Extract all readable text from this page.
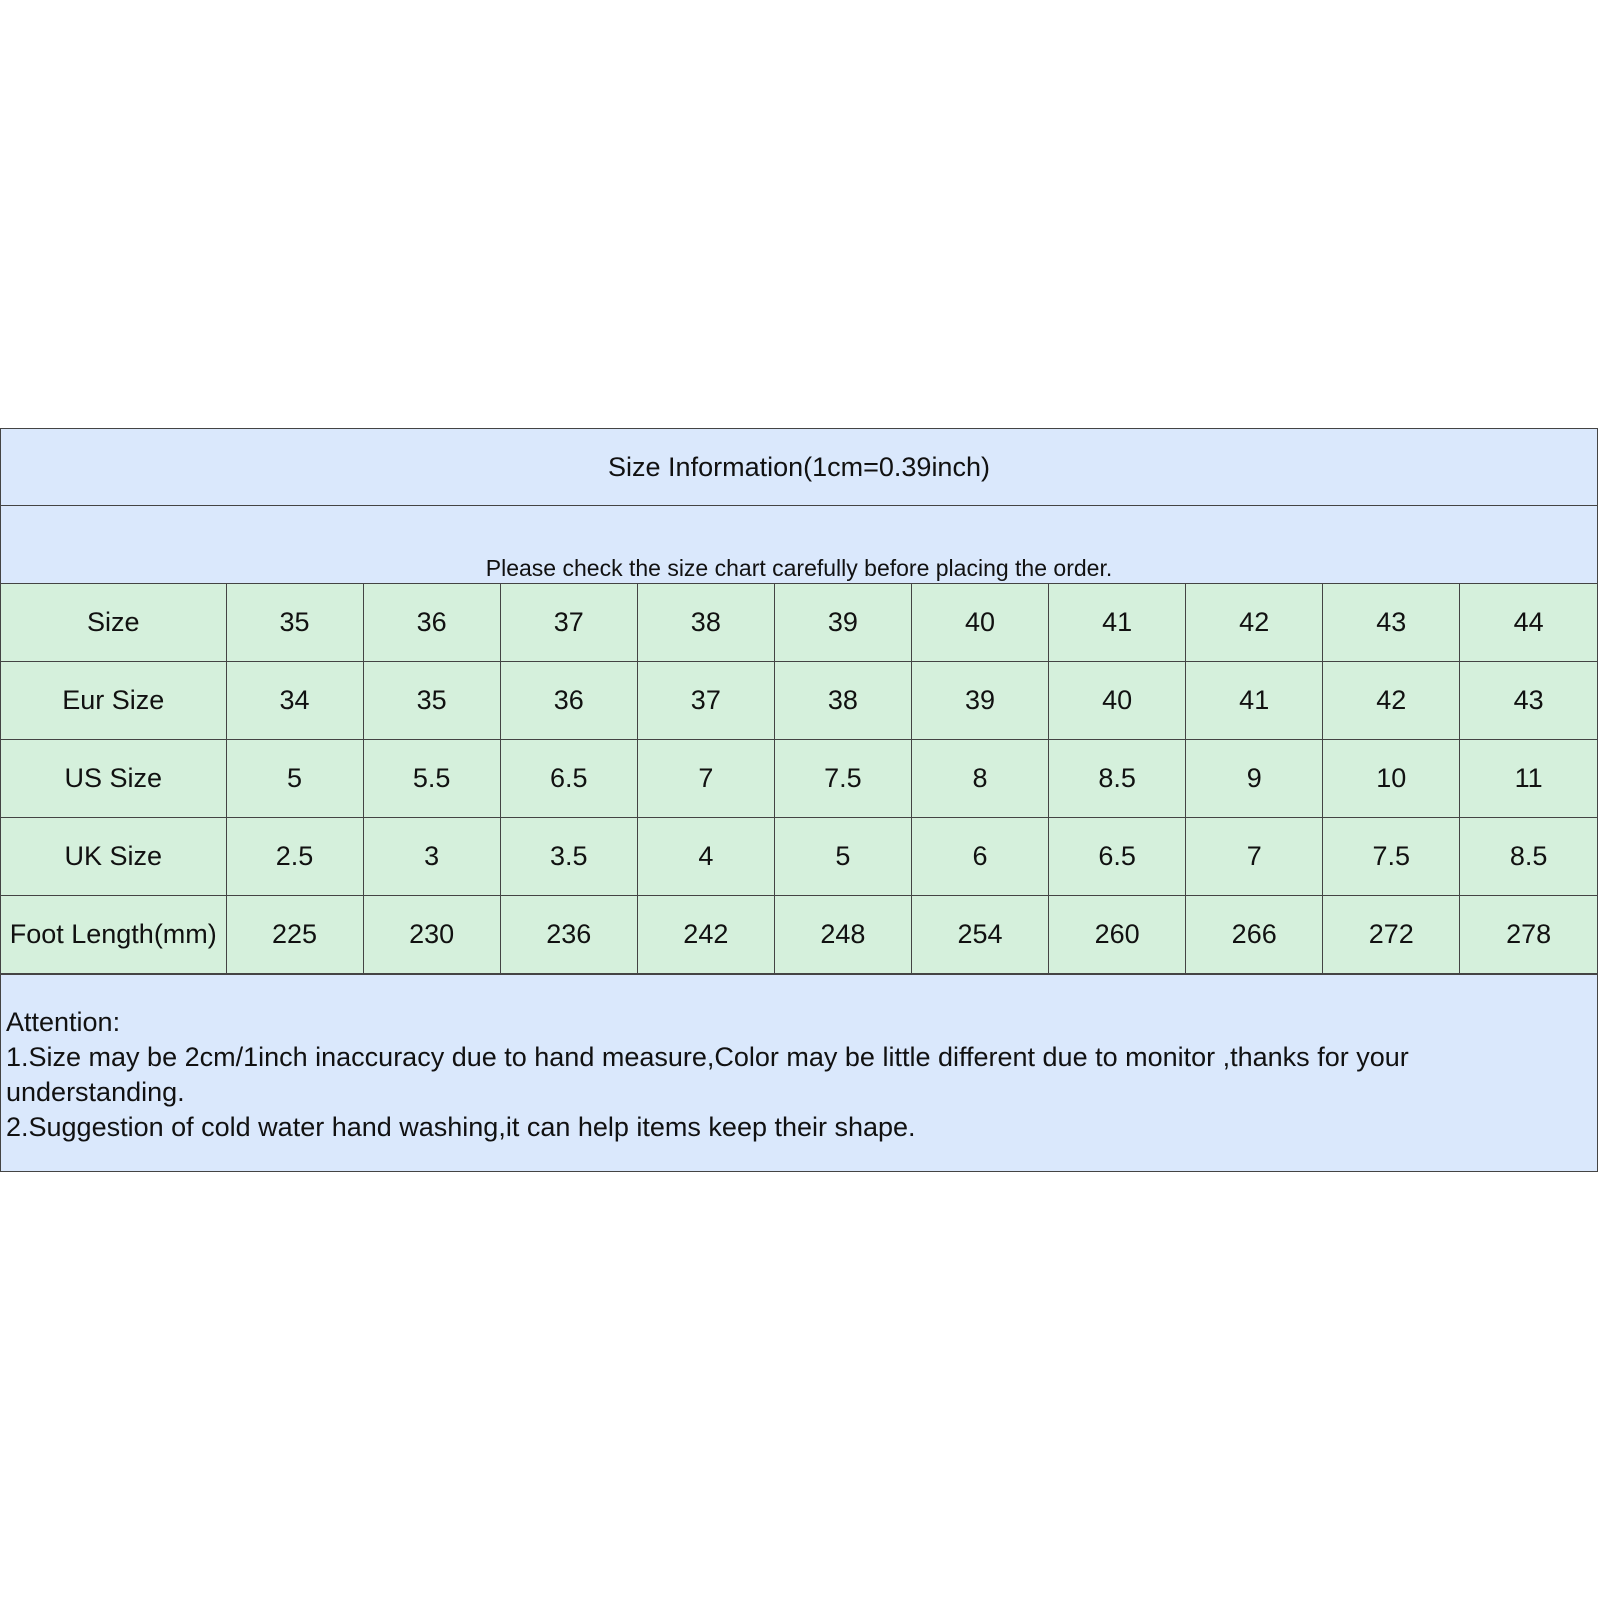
Size Information(1cm=0.39inch)
Please check the size chart carefully before placing the order.
Size	35	36	37	38	39	40	41	42	43	44
Eur Size	34	35	36	37	38	39	40	41	42	43
US Size	5	5.5	6.5	7	7.5	8	8.5	9	10	11
UK Size	2.5	3	3.5	4	5	6	6.5	7	7.5	8.5
Foot Length(mm)	225	230	236	242	248	254	260	266	272	278
Attention:
1.Size may be 2cm/1inch inaccuracy due to hand measure,Color may be little different due to monitor ,thanks for your understanding.
2.Suggestion of cold water hand washing,it can help items keep their shape.
